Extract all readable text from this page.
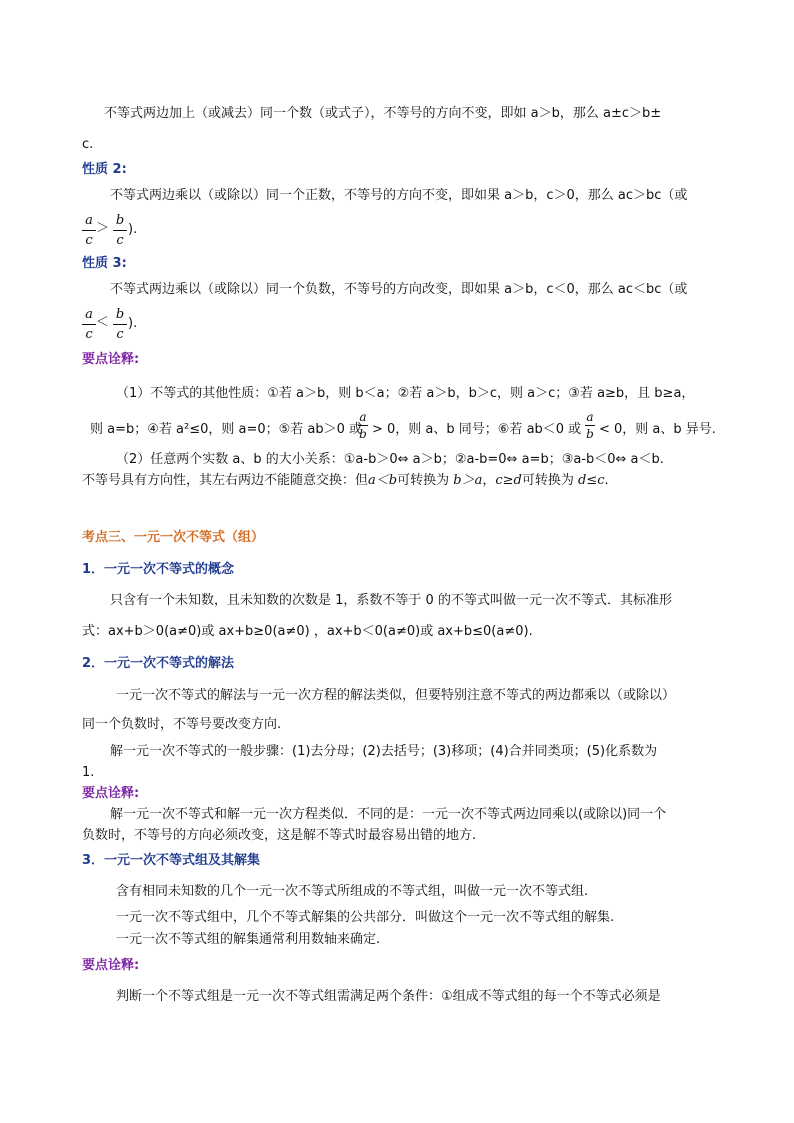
不等式两边加上（或减去）同一个数（或式子），不等号的方向不变，即如 a＞b，那么 a±c＞b±
c.
性质 2:
不等式两边乘以（或除以）同一个正数，不等号的方向不变，即如果 a＞b，c＞0，那么 ac＞bc（或
a
c
＞
b
c
).
性质 3:
不等式两边乘以（或除以）同一个负数，不等号的方向改变，即如果 a＞b，c＜0，那么 ac＜bc（或
a
c
＜
b
c
).
要点诠释:
（1）不等式的其他性质：①若 a＞b，则 b＜a；②若 a＞b，b＞c，则 a＞c；③若 a≥b，且 b≥a，
则 a=b；④若 a²≤0，则 a=0；⑤若 ab＞0 或
a
b > 0，则 a、b 同号；⑥若 ab＜0 或
a
b < 0，则 a、b 异号.
（2）任意两个实数 a、b 的大小关系：①a-b＞0⇔ a＞b；②a-b=0⇔ a=b；③a-b＜0⇔ a＜b.
不等号具有方向性，其左右两边不能随意交换：但a＜b可转换为 b＞a，c≥d可转换为 d≤c.
考点三、一元一次不等式（组）
1．一元一次不等式的概念
只含有一个未知数，且未知数的次数是 1，系数不等于 0 的不等式叫做一元一次不等式．其标准形
式：ax+b＞0(a≠0)或 ax+b≥0(a≠0) ，ax+b＜0(a≠0)或 ax+b≤0(a≠0).
2．一元一次不等式的解法
一元一次不等式的解法与一元一次方程的解法类似，但要特别注意不等式的两边都乘以（或除以）
同一个负数时，不等号要改变方向.
解一元一次不等式的一般步骤：(1)去分母；(2)去括号；(3)移项；(4)合并同类项；(5)化系数为
1.
要点诠释:
解一元一次不等式和解一元一次方程类似．不同的是：一元一次不等式两边同乘以(或除以)同一个
负数时，不等号的方向必须改变，这是解不等式时最容易出错的地方.
3．一元一次不等式组及其解集
含有相同未知数的几个一元一次不等式所组成的不等式组，叫做一元一次不等式组.
一元一次不等式组中，几个不等式解集的公共部分．叫做这个一元一次不等式组的解集.
一元一次不等式组的解集通常利用数轴来确定.
要点诠释:
判断一个不等式组是一元一次不等式组需满足两个条件：①组成不等式组的每一个不等式必须是
